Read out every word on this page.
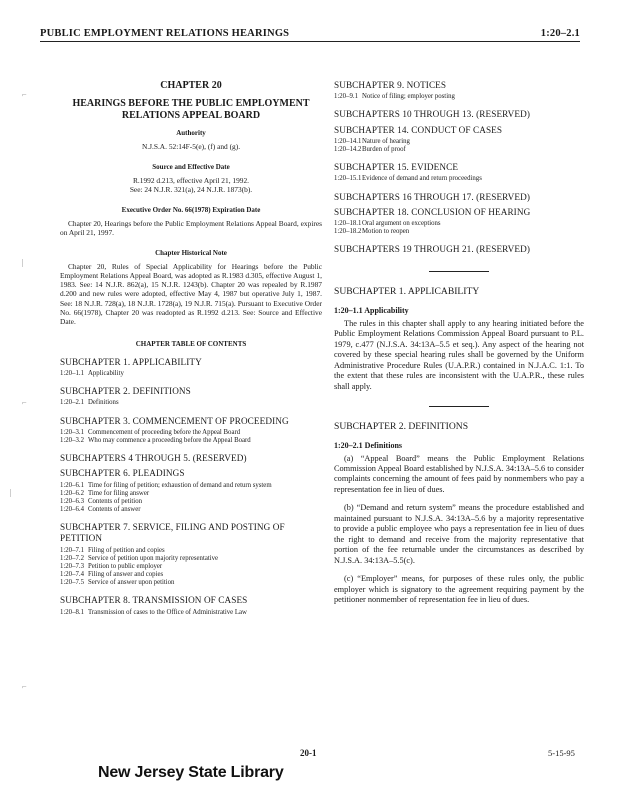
PUBLIC EMPLOYMENT RELATIONS HEARINGS	1:20–2.1
CHAPTER 20
HEARINGS BEFORE THE PUBLIC EMPLOYMENT RELATIONS APPEAL BOARD
Authority
N.J.S.A. 52:14F-5(e), (f) and (g).
Source and Effective Date
R.1992 d.213, effective April 21, 1992.
See: 24 N.J.R. 321(a), 24 N.J.R. 1873(b).
Executive Order No. 66(1978) Expiration Date
Chapter 20, Hearings before the Public Employment Relations Appeal Board, expires on April 21, 1997.
Chapter Historical Note
Chapter 20, Rules of Special Applicability for Hearings before the Public Employment Relations Appeal Board, was adopted as R.1983 d.305, effective August 1, 1983. See: 14 N.J.R. 862(a), 15 N.J.R. 1243(b). Chapter 20 was repealed by R.1987 d.200 and new rules were adopted, effective May 4, 1987 but operative July 1, 1987. See: 18 N.J.R. 728(a), 18 N.J.R. 1728(a), 19 N.J.R. 715(a). Pursuant to Executive Order No. 66(1978), Chapter 20 was readopted as R.1992 d.213. See: Source and Effective Date.
CHAPTER TABLE OF CONTENTS
SUBCHAPTER 1. APPLICABILITY
1:20–1.1 Applicability
SUBCHAPTER 2. DEFINITIONS
1:20–2.1 Definitions
SUBCHAPTER 3. COMMENCEMENT OF PROCEEDING
1:20–3.1 Commencement of proceeding before the Appeal Board
1:20–3.2 Who may commence a proceeding before the Appeal Board
SUBCHAPTERS 4 THROUGH 5. (RESERVED)
SUBCHAPTER 6. PLEADINGS
1:20–6.1 Time for filing of petition; exhaustion of demand and return system
1:20–6.2 Time for filing answer
1:20–6.3 Contents of petition
1:20–6.4 Contents of answer
SUBCHAPTER 7. SERVICE, FILING AND POSTING OF PETITION
1:20–7.1 Filing of petition and copies
1:20–7.2 Service of petition upon majority representative
1:20–7.3 Petition to public employer
1:20–7.4 Filing of answer and copies
1:20–7.5 Service of answer upon petition
SUBCHAPTER 8. TRANSMISSION OF CASES
1:20–8.1 Transmission of cases to the Office of Administrative Law
SUBCHAPTER 9. NOTICES
1:20–9.1 Notice of filing; employer posting
SUBCHAPTERS 10 THROUGH 13. (RESERVED)
SUBCHAPTER 14. CONDUCT OF CASES
1:20–14.1 Nature of hearing
1:20–14.2 Burden of proof
SUBCHAPTER 15. EVIDENCE
1:20–15.1 Evidence of demand and return proceedings
SUBCHAPTERS 16 THROUGH 17. (RESERVED)
SUBCHAPTER 18. CONCLUSION OF HEARING
1:20–18.1 Oral argument on exceptions
1:20–18.2 Motion to reopen
SUBCHAPTERS 19 THROUGH 21. (RESERVED)
SUBCHAPTER 1. APPLICABILITY
1:20–1.1 Applicability

The rules in this chapter shall apply to any hearing initiated before the Public Employment Relations Commission Appeal Board pursuant to P.L. 1979, c.477 (N.J.S.A. 34:13A–5.5 et seq.). Any aspect of the hearing not covered by these special hearing rules shall be governed by the Uniform Administrative Procedure Rules (U.A.P.R.) contained in N.J.A.C. 1:1. To the extent that these rules are inconsistent with the U.A.P.R., these rules shall apply.

SUBCHAPTER 2. DEFINITIONS
1:20–2.1 Definitions

(a) “Appeal Board” means the Public Employment Relations Commission Appeal Board established by N.J.S.A. 34:13A–5.6 to consider complaints concerning the amount of fees paid by nonmembers who pay a representation fee in lieu of dues.

(b) “Demand and return system” means the procedure established and maintained pursuant to N.J.S.A. 34:13A–5.6 by a majority representative to provide a public employee who pays a representation fee in lieu of dues the right to demand and receive from the majority representative that portion of the fee returnable under the circumstances as described by N.J.S.A. 34:13A–5.5(c).

(c) “Employer” means, for purposes of these rules only, the public employer which is signatory to the agreement requiring payment by the petitioner nonmember of representation fee in lieu of dues.

⌐
|
⌐
|
⌐
20-1	5-15-95
New Jersey State Library
